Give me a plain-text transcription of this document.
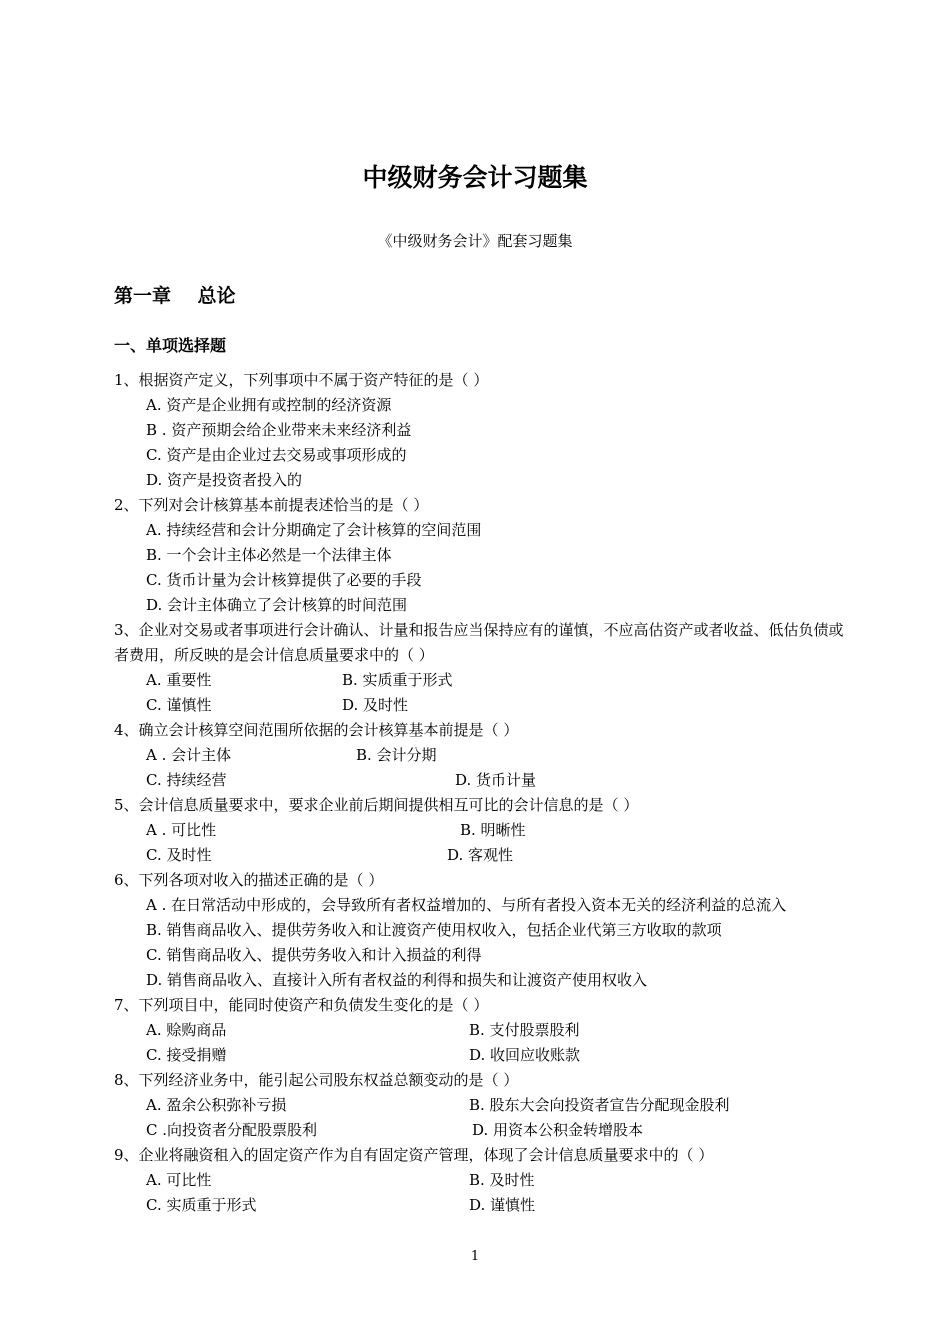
中级财务会计习题集
《中级财务会计》配套习题集
第一章    总论
一、单项选择题
1、根据资产定义，下列事项中不属于资产特征的是（ ）
A. 资产是企业拥有或控制的经济资源
B . 资产预期会给企业带来未来经济利益
C. 资产是由企业过去交易或事项形成的
D. 资产是投资者投入的
2、下列对会计核算基本前提表述恰当的是（ ）
A. 持续经营和会计分期确定了会计核算的空间范围
B. 一个会计主体必然是一个法律主体
C. 货币计量为会计核算提供了必要的手段
D. 会计主体确立了会计核算的时间范围
3、企业对交易或者事项进行会计确认、计量和报告应当保持应有的谨慎，不应高估资产或者收益、低估负债或者费用，所反映的是会计信息质量要求中的（ ）
A. 重要性	B. 实质重于形式
C. 谨慎性	D. 及时性
4、确立会计核算空间范围所依据的会计核算基本前提是（ ）
A . 会计主体	B. 会计分期
C. 持续经营	D. 货币计量
5、会计信息质量要求中，要求企业前后期间提供相互可比的会计信息的是（ ）
A . 可比性	B. 明晰性
C. 及时性	D. 客观性
6、下列各项对收入的描述正确的是（ ）
A . 在日常活动中形成的，会导致所有者权益增加的、与所有者投入资本无关的经济利益的总流入
B. 销售商品收入、提供劳务收入和让渡资产使用权收入，包括企业代第三方收取的款项
C. 销售商品收入、提供劳务收入和计入损益的利得
D. 销售商品收入、直接计入所有者权益的利得和损失和让渡资产使用权收入
7、下列项目中，能同时使资产和负债发生变化的是（ ）
A. 赊购商品	B. 支付股票股利
C. 接受捐赠	D. 收回应收账款
8、下列经济业务中，能引起公司股东权益总额变动的是（ ）
A. 盈余公积弥补亏损	B. 股东大会向投资者宣告分配现金股利
C .向投资者分配股票股利	D. 用资本公积金转增股本
9、企业将融资租入的固定资产作为自有固定资产管理，体现了会计信息质量要求中的（ ）
A. 可比性	B. 及时性
C. 实质重于形式	D. 谨慎性
1
